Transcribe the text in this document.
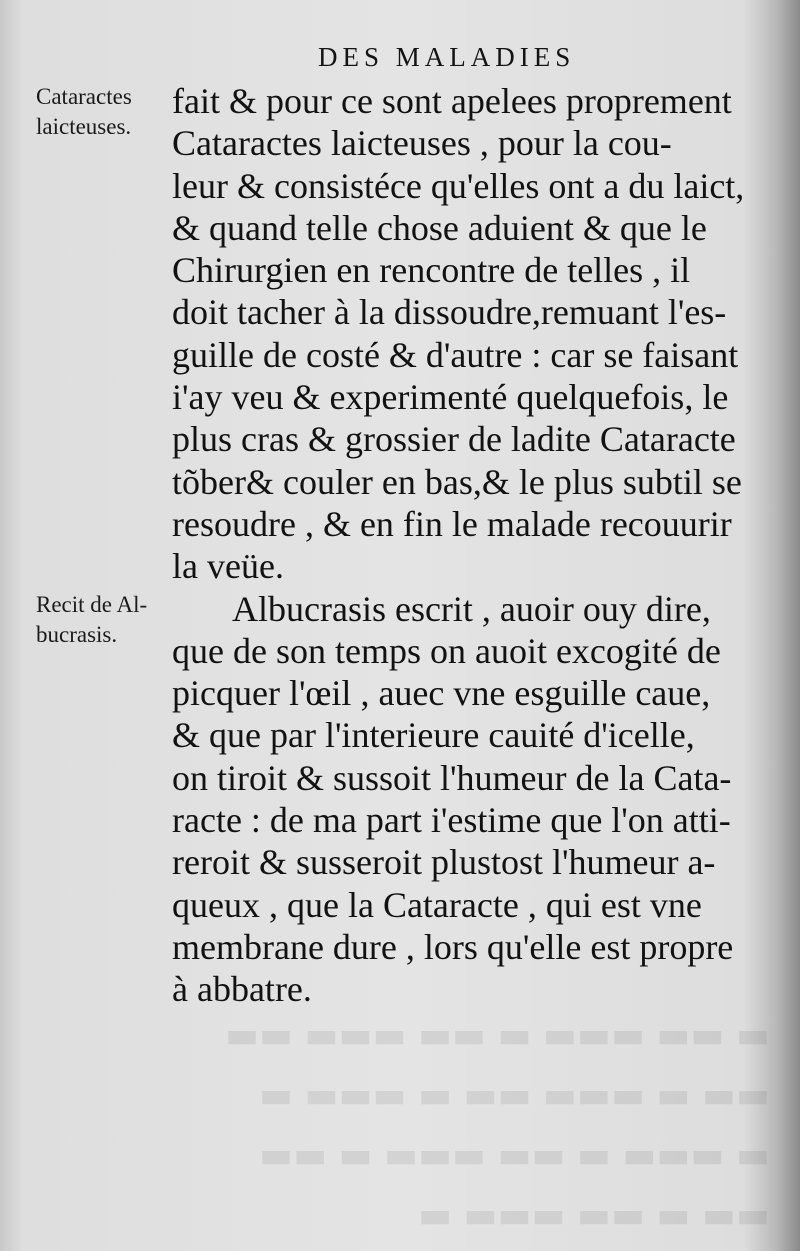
▬ ▬▬ ▬▬▬ ▬ ▬▬ ▬▬▬ ▬▬
▬▬ ▬ ▬▬▬ ▬▬ ▬ ▬▬▬ ▬
▬ ▬▬▬ ▬ ▬▬ ▬▬▬ ▬ ▬▬
▬▬ ▬ ▬▬ ▬▬▬ ▬
DES MALADIES
Cataractes
laicteuses.
Recit de Al-
bucrasis.
fait & pour ce sont apelees proprement
Cataractes laicteuses , pour la cou-
leur & consistéce qu'elles ont a du laict,
& quand telle chose aduient & que le
Chirurgien en rencontre de telles , il
doit tacher à la dissoudre,remuant l'es-
guille de costé & d'autre : car se faisant
i'ay veu & experimenté quelquefois, le
plus cras & grossier de ladite Cataracte
tõber& couler en bas,& le plus subtil se
resoudre , & en fin le malade recouurir
la veüe.
Albucrasis escrit , auoir ouy dire,
que de son temps on auoit excogité de
picquer l'œil , auec vne esguille caue,
& que par l'interieure cauité d'icelle,
on tiroit & sussoit l'humeur de la Cata-
racte : de ma part i'estime que l'on atti-
reroit & susseroit plustost l'humeur a-
queux , que la Cataracte , qui est vne
membrane dure , lors qu'elle est propre
à abbatre.
